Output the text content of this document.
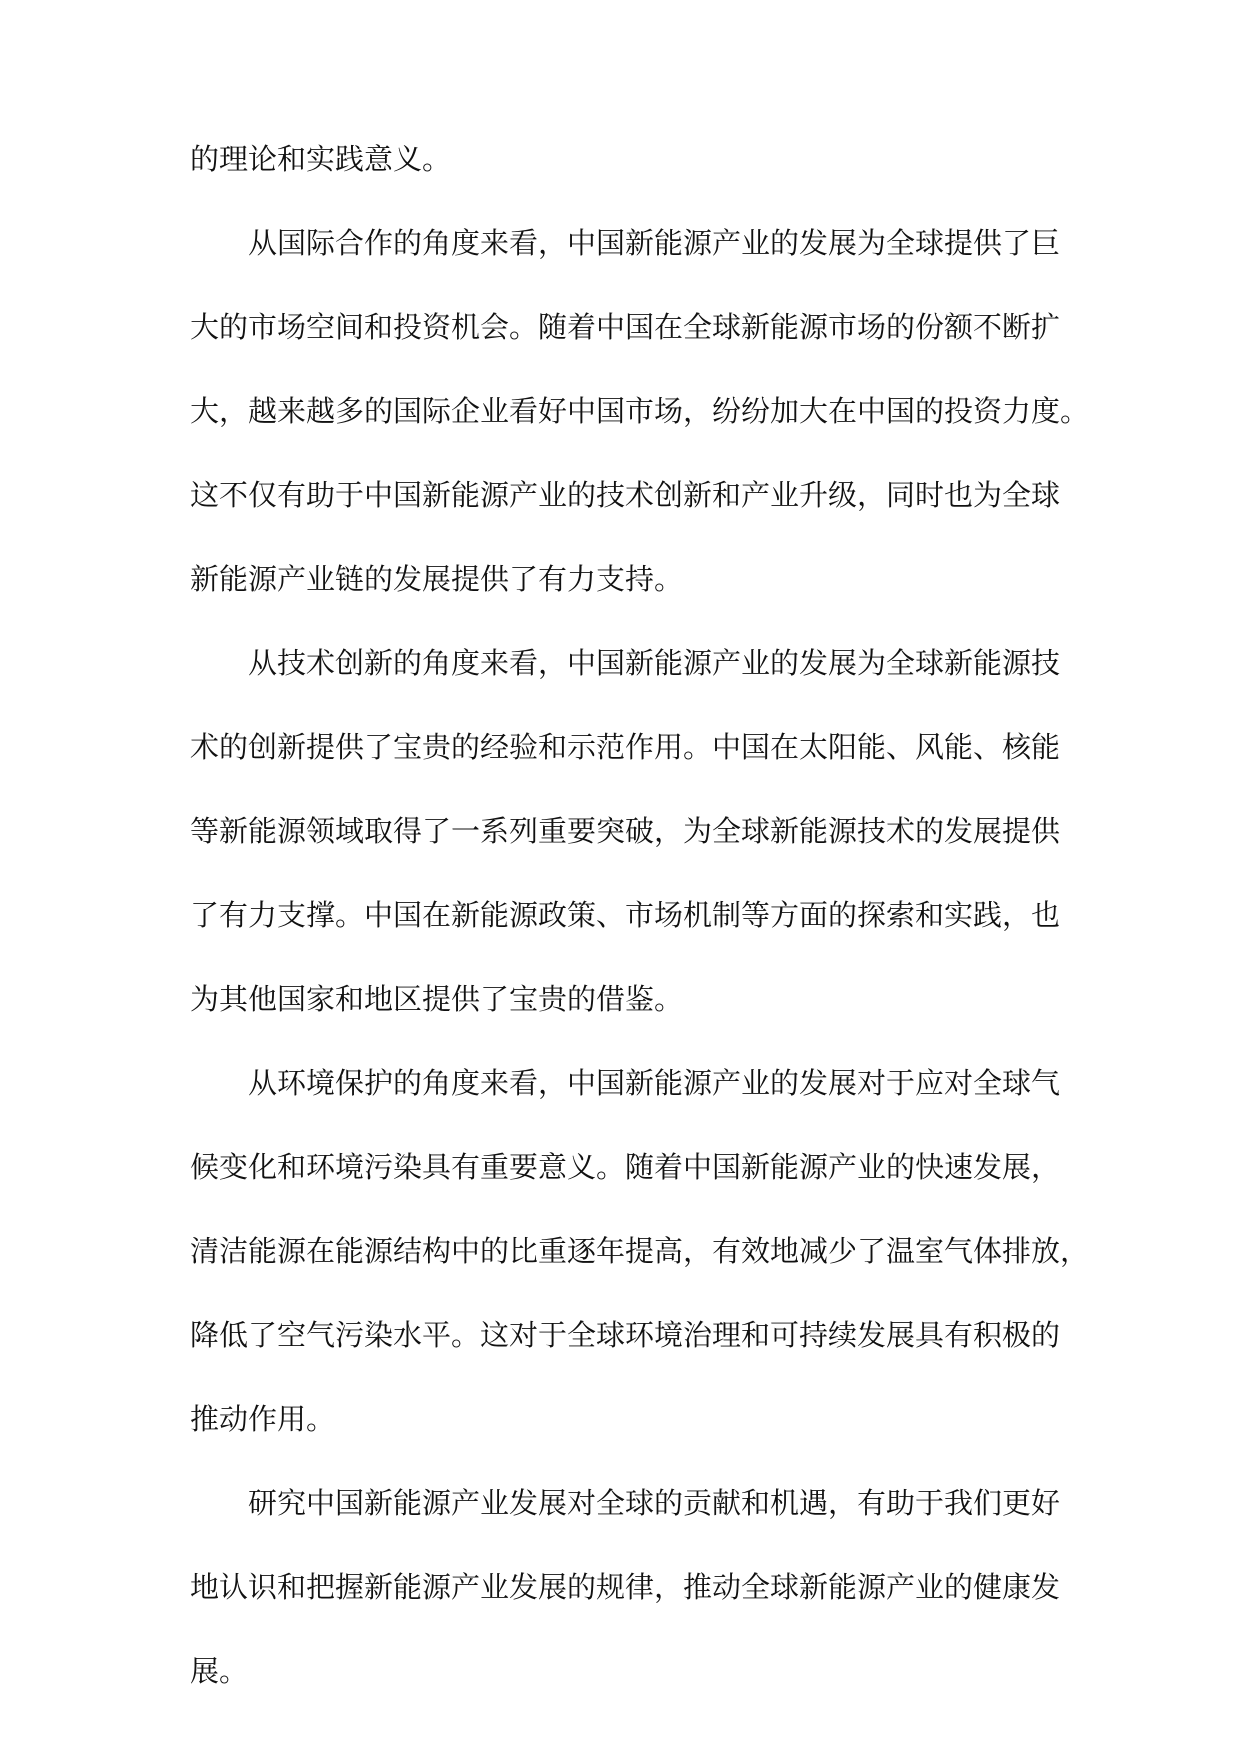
的理论和实践意义。
从国际合作的角度来看，中国新能源产业的发展为全球提供了巨
大的市场空间和投资机会。随着中国在全球新能源市场的份额不断扩
大，越来越多的国际企业看好中国市场，纷纷加大在中国的投资力度。
这不仅有助于中国新能源产业的技术创新和产业升级，同时也为全球
新能源产业链的发展提供了有力支持。
从技术创新的角度来看，中国新能源产业的发展为全球新能源技
术的创新提供了宝贵的经验和示范作用。中国在太阳能、风能、核能
等新能源领域取得了一系列重要突破，为全球新能源技术的发展提供
了有力支撑。中国在新能源政策、市场机制等方面的探索和实践，也
为其他国家和地区提供了宝贵的借鉴。
从环境保护的角度来看，中国新能源产业的发展对于应对全球气
候变化和环境污染具有重要意义。随着中国新能源产业的快速发展，
清洁能源在能源结构中的比重逐年提高，有效地减少了温室气体排放，
降低了空气污染水平。这对于全球环境治理和可持续发展具有积极的
推动作用。
研究中国新能源产业发展对全球的贡献和机遇，有助于我们更好
地认识和把握新能源产业发展的规律，推动全球新能源产业的健康发
展。
